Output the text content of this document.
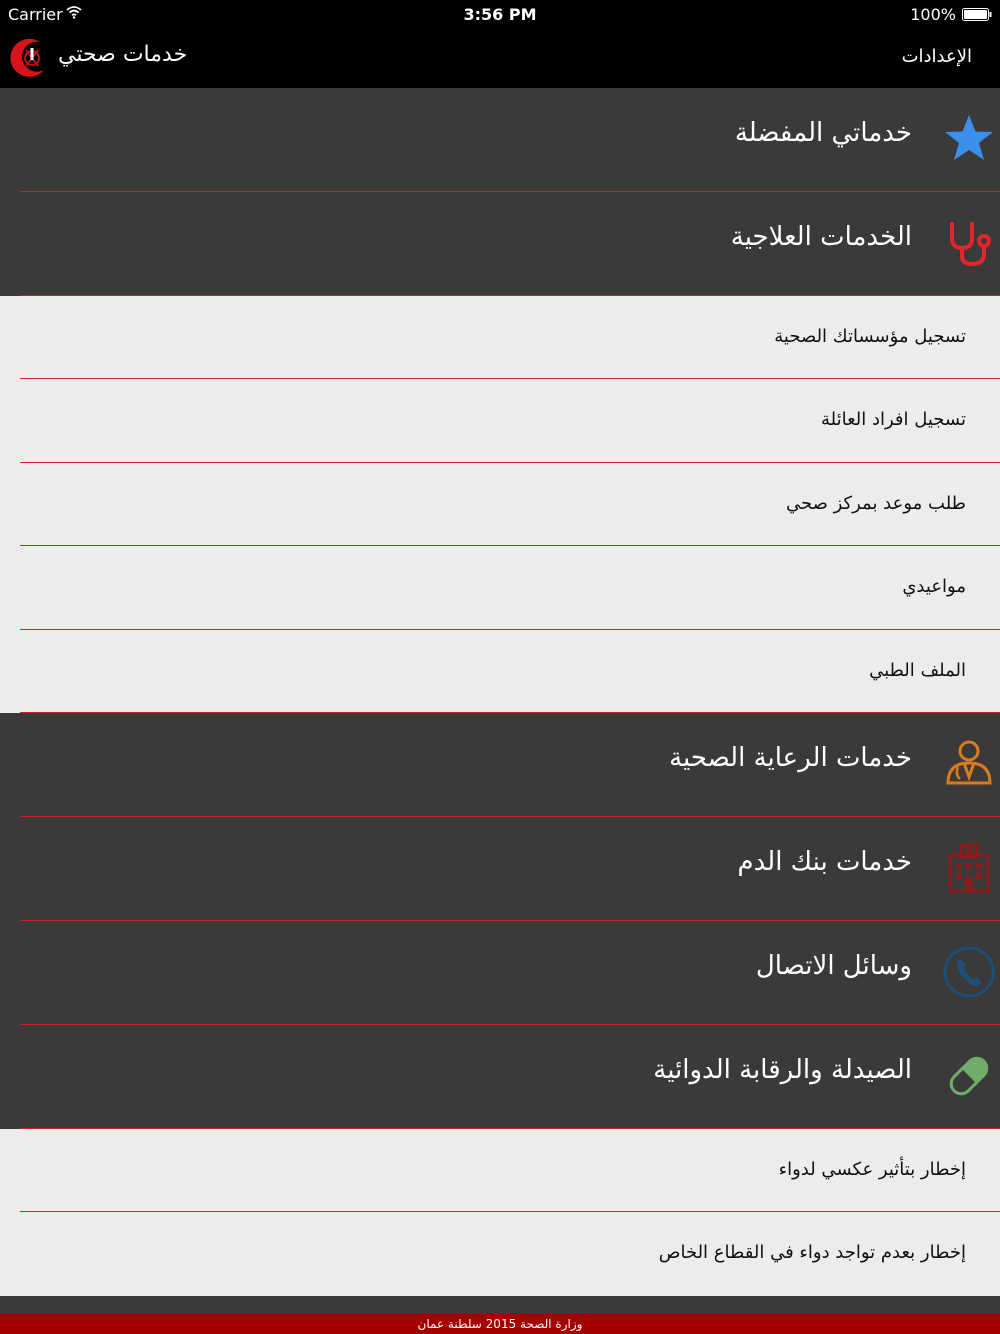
Carrier	3:56 PM	100%
خدمات صحتي	الإعدادات
خدماتي المفضلة
الخدمات العلاجية
تسجيل مؤسساتك الصحية
تسجيل افراد العائلة
طلب موعد بمركز صحي
مواعيدي
الملف الطبي
خدمات الرعاية الصحية
خدمات بنك الدم
وسائل الاتصال
الصيدلة والرقابة الدوائية
إخطار بتأثير عكسي لدواء
إخطار بعدم تواجد دواء في القطاع الخاص
وزارة الصحة 2015 سلطنة عمان
